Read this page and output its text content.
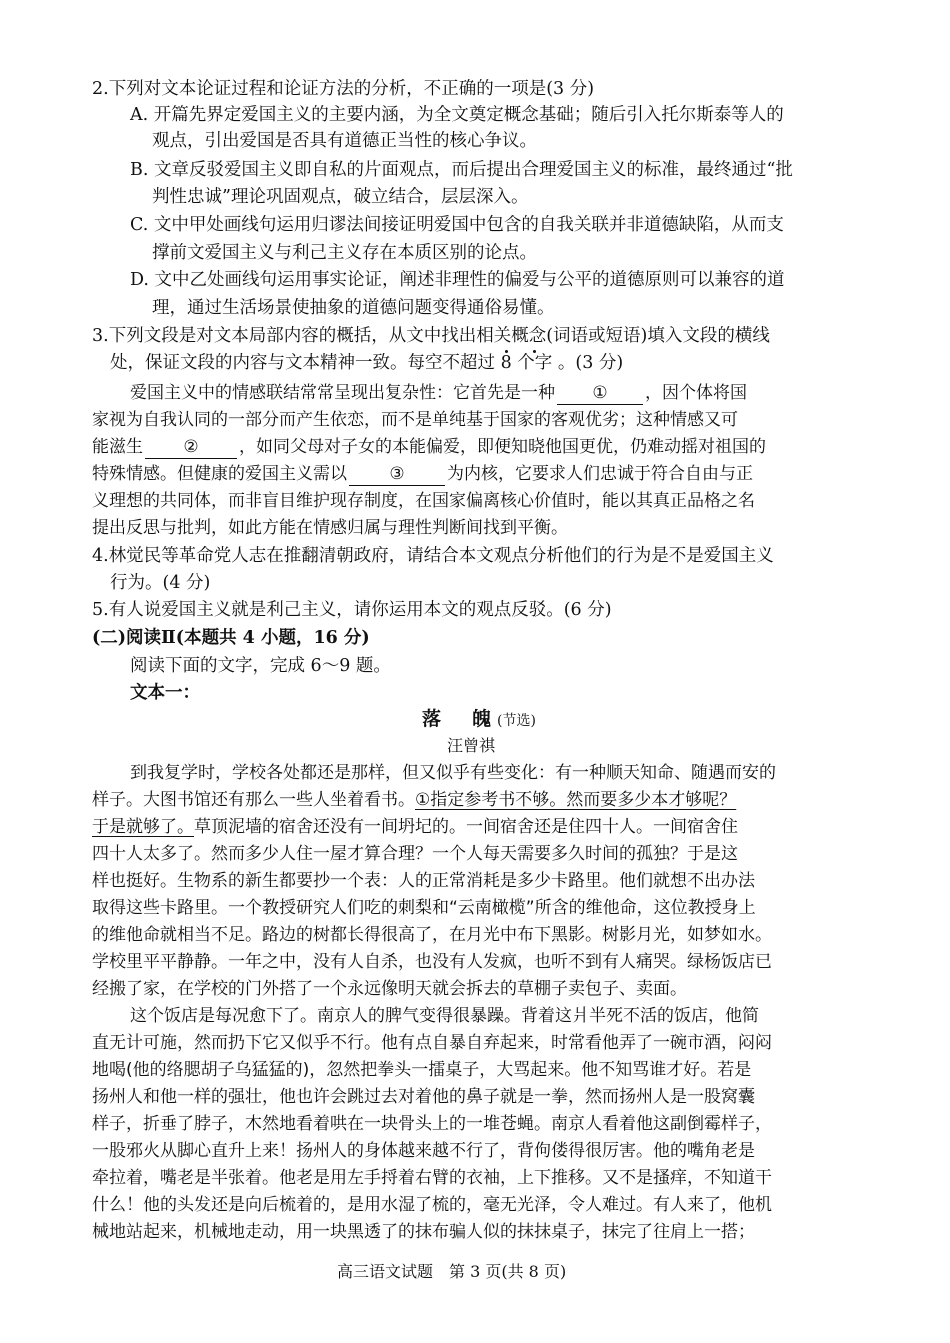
2.下列对文本论证过程和论证方法的分析，不正确的一项是(3 分)
A. 开篇先界定爱国主义的主要内涵，为全文奠定概念基础；随后引入托尔斯泰等人的
观点，引出爱国是否具有道德正当性的核心争议。
B. 文章反驳爱国主义即自私的片面观点，而后提出合理爱国主义的标准，最终通过“批
判性忠诚”理论巩固观点，破立结合，层层深入。
C. 文中甲处画线句运用归谬法间接证明爱国中包含的自我关联并非道德缺陷，从而支
撑前文爱国主义与利己主义存在本质区别的论点。
D. 文中乙处画线句运用事实论证，阐述非理性的偏爱与公平的道德原则可以兼容的道
理，通过生活场景使抽象的道德问题变得通俗易懂。
3.下列文段是对文本局部内容的概括，从文中找出相关概念(词语或短语)填入文段的横线
处，保证文段的内容与文本精神一致。每空不超过 8 个字 。(3 分)
爱国主义中的情感联结常常呈现出复杂性：它首先是一种 ① ，因个体将国
家视为自我认同的一部分而产生依恋，而不是单纯基于国家的客观优劣；这种情感又可
能滋生 ② ，如同父母对子女的本能偏爱，即便知晓他国更优，仍难动摇对祖国的
特殊情感。但健康的爱国主义需以 ③ 为内核，它要求人们忠诚于符合自由与正
义理想的共同体，而非盲目维护现存制度，在国家偏离核心价值时，能以其真正品格之名
提出反思与批判，如此方能在情感归属与理性判断间找到平衡。
4.林觉民等革命党人志在推翻清朝政府，请结合本文观点分析他们的行为是不是爱国主义
行为。(4 分)
5.有人说爱国主义就是利己主义，请你运用本文的观点反驳。(6 分)
(二)阅读Ⅱ(本题共 4 小题，16 分)
阅读下面的文字，完成 6～9 题。
文本一：
落　魄(节选)
汪曾祺
到我复学时，学校各处都还是那样，但又似乎有些变化：有一种顺天知命、随遇而安的
样子。大图书馆还有那么一些人坐着看书。①指定参考书不够。然而要多少本才够呢？
于是就够了。草顶泥墙的宿舍还没有一间坍圮的。一间宿舍还是住四十人。一间宿舍住
四十人太多了。然而多少人住一屋才算合理？一个人每天需要多久时间的孤独？于是这
样也挺好。生物系的新生都要抄一个表：人的正常消耗是多少卡路里。他们就想不出办法
取得这些卡路里。一个教授研究人们吃的刺梨和“云南橄榄”所含的维他命，这位教授身上
的维他命就相当不足。路边的树都长得很高了，在月光中布下黑影。树影月光，如梦如水。
学校里平平静静。一年之中，没有人自杀，也没有人发疯，也听不到有人痛哭。绿杨饭店已
经搬了家，在学校的门外搭了一个永远像明天就会拆去的草棚子卖包子、卖面。
这个饭店是每况愈下了。南京人的脾气变得很暴躁。背着这爿半死不活的饭店，他简
直无计可施，然而扔下它又似乎不行。他有点自暴自弃起来，时常看他弄了一碗市酒，闷闷
地喝(他的络腮胡子乌猛猛的)，忽然把拳头一擂桌子，大骂起来。他不知骂谁才好。若是
扬州人和他一样的强壮，他也许会跳过去对着他的鼻子就是一拳，然而扬州人是一股窝囊
样子，折垂了脖子，木然地看着哄在一块骨头上的一堆苍蝇。南京人看着他这副倒霉样子，
一股邪火从脚心直升上来！扬州人的身体越来越不行了，背佝偻得很厉害。他的嘴角老是
牵拉着，嘴老是半张着。他老是用左手捋着右臂的衣袖，上下推移。又不是搔痒，不知道干
什么！他的头发还是向后梳着的，是用水湿了梳的，毫无光泽，令人难过。有人来了，他机
械地站起来，机械地走动，用一块黑透了的抹布骗人似的抹抹桌子，抹完了往肩上一搭；
高三语文试题　第 3 页(共 8 页)
